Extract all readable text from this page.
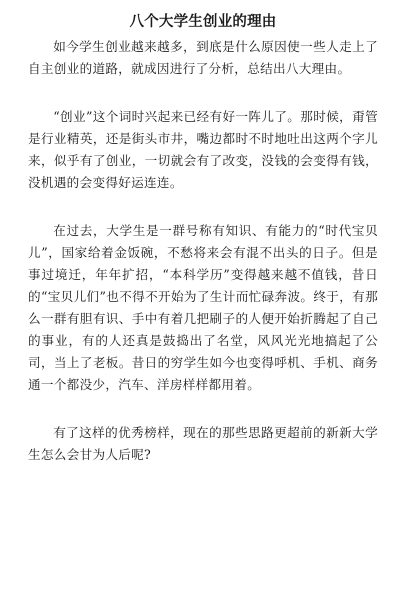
八个大学生创业的理由

如今学生创业越来越多，到底是什么原因使一些人走上了自主创业的道路，就成因进行了分析，总结出八大理由。

“创业”这个词时兴起来已经有好一阵儿了。那时候，甭管是行业精英，还是街头市井，嘴边都时不时地吐出这两个字儿来，似乎有了创业，一切就会有了改变，没钱的会变得有钱，没机遇的会变得好运连连。

在过去，大学生是一群号称有知识、有能力的“时代宝贝儿”，国家给着金饭碗，不愁将来会有混不出头的日子。但是事过境迁，年年扩招，“本科学历”变得越来越不值钱，昔日的“宝贝儿们”也不得不开始为了生计而忙碌奔波。终于，有那么一群有胆有识、手中有着几把刷子的人便开始折腾起了自己的事业，有的人还真是鼓捣出了名堂，风风光光地搞起了公司，当上了老板。昔日的穷学生如今也变得呼机、手机、商务通一个都没少，汽车、洋房样样都用着。

有了这样的优秀榜样，现在的那些思路更超前的新新大学生怎么会甘为人后呢?
